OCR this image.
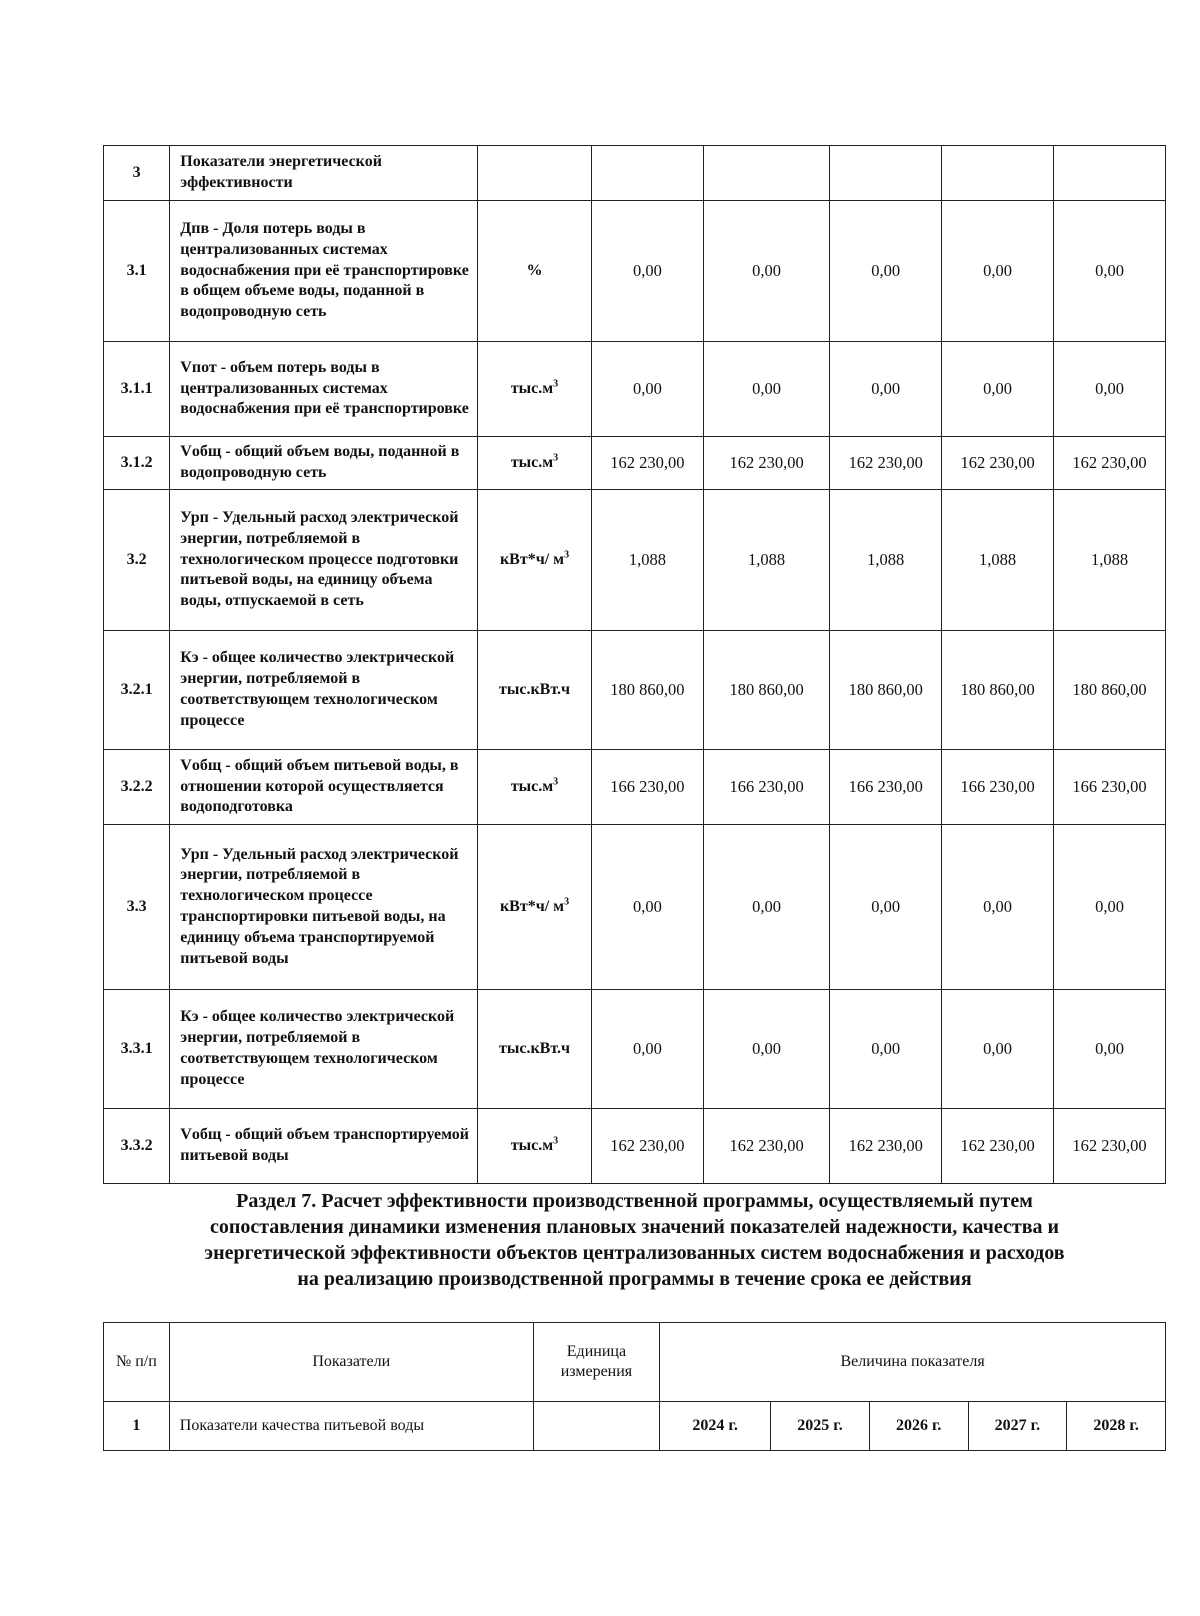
3	Показатели энергетической эффективности						
3.1	Дпв - Доля потерь воды в централизованных системах водоснабжения при её транспортировке в общем объеме воды, поданной в водопроводную сеть	%	0,00	0,00	0,00	0,00	0,00
3.1.1	Vпот - объем потерь воды в централизованных системах водоснабжения при её транспортировке	$тыс.м^3$	0,00	0,00	0,00	0,00	0,00
3.1.2	Vобщ - общий объем воды, поданной в водопроводную сеть	$тыс.м^3$	162 230,00	162 230,00	162 230,00	162 230,00	162 230,00
3.2	Урп - Удельный расход электрической энергии, потребляемой в технологическом процессе подготовки питьевой воды, на единицу объема воды, отпускаемой в сеть	кВт*ч/ $м^3$	1,088	1,088	1,088	1,088	1,088
3.2.1	Кэ - общее количество электрической энергии, потребляемой в соответствующем технологическом процессе	тыс.кВт.ч	180 860,00	180 860,00	180 860,00	180 860,00	180 860,00
3.2.2	Vобщ - общий объем питьевой воды, в отношении которой осуществляется водоподготовка	$тыс.м^3$	166 230,00	166 230,00	166 230,00	166 230,00	166 230,00
3.3	Урп - Удельный расход электрической энергии, потребляемой в технологическом процессе транспортировки питьевой воды, на единицу объема транспортируемой питьевой воды	кВт*ч/ $м^3$	0,00	0,00	0,00	0,00	0,00
3.3.1	Кэ - общее количество электрической энергии, потребляемой в соответствующем технологическом процессе	тыс.кВт.ч	0,00	0,00	0,00	0,00	0,00
3.3.2	Vобщ - общий объем транспортируемой питьевой воды	$тыс.м^3$	162 230,00	162 230,00	162 230,00	162 230,00	162 230,00
Раздел 7. Расчет эффективности производственной программы, осуществляемый путем
сопоставления динамики изменения плановых значений показателей надежности, качества и
энергетической эффективности объектов централизованных систем водоснабжения и расходов
на реализацию производственной программы в течение срока ее действия
№ п/п	Показатели	Единица измерения	Величина показателя				
1	Показатели качества питьевой воды		2024 г.	2025 г.	2026 г.	2027 г.	2028 г.
